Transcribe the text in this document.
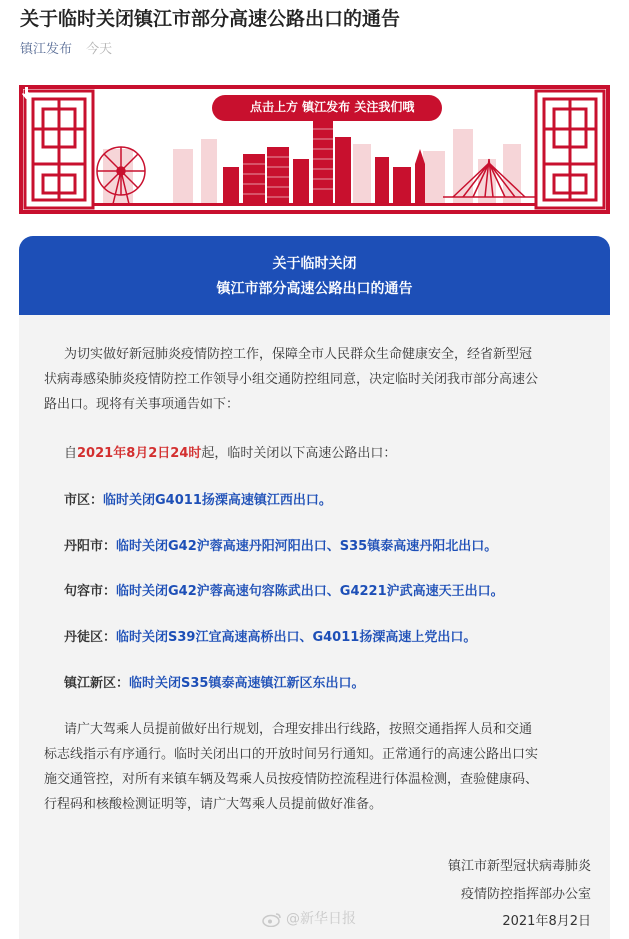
关于临时关闭镇江市部分高速公路出口的通告
镇江发布 今天
点击上方 镇江发布 关注我们哦
关于临时关闭
镇江市部分高速公路出口的通告
为切实做好新冠肺炎疫情防控工作，保障全市人民群众生命健康安全，经省新型冠
状病毒感染肺炎疫情防控工作领导小组交通防控组同意，决定临时关闭我市部分高速公
路出口。现将有关事项通告如下：
自2021年8月2日24时起，临时关闭以下高速公路出口：
市区：临时关闭G4011扬溧高速镇江西出口。
丹阳市：临时关闭G42沪蓉高速丹阳河阳出口、S35镇泰高速丹阳北出口。
句容市：临时关闭G42沪蓉高速句容陈武出口、G4221沪武高速天王出口。
丹徒区：临时关闭S39江宜高速高桥出口、G4011扬溧高速上党出口。
镇江新区：临时关闭S35镇泰高速镇江新区东出口。
请广大驾乘人员提前做好出行规划，合理安排出行线路，按照交通指挥人员和交通
标志线指示有序通行。临时关闭出口的开放时间另行通知。正常通行的高速公路出口实
施交通管控，对所有来镇车辆及驾乘人员按疫情防控流程进行体温检测，查验健康码、
行程码和核酸检测证明等，请广大驾乘人员提前做好准备。
镇江市新型冠状病毒肺炎
疫情防控指挥部办公室
2021年8月2日
@新华日报
